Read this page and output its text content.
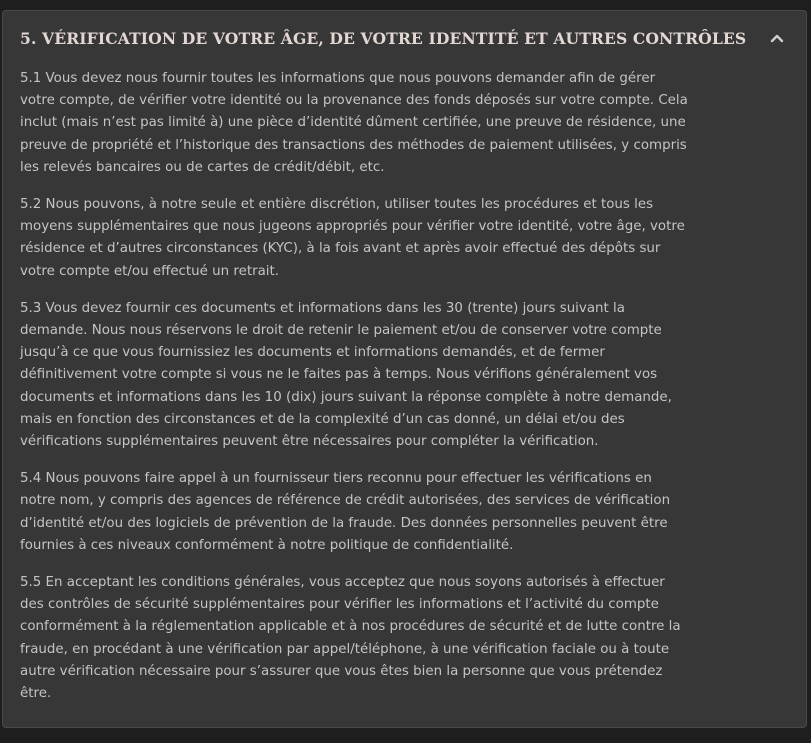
5. VÉRIFICATION DE VOTRE ÂGE, DE VOTRE IDENTITÉ ET AUTRES CONTRÔLES

5.1 Vous devez nous fournir toutes les informations que nous pouvons demander afin de gérer
votre compte, de vérifier votre identité ou la provenance des fonds déposés sur votre compte. Cela
inclut (mais n’est pas limité à) une pièce d’identité dûment certifiée, une preuve de résidence, une
preuve de propriété et l’historique des transactions des méthodes de paiement utilisées, y compris
les relevés bancaires ou de cartes de crédit/débit, etc.

5.2 Nous pouvons, à notre seule et entière discrétion, utiliser toutes les procédures et tous les
moyens supplémentaires que nous jugeons appropriés pour vérifier votre identité, votre âge, votre
résidence et d’autres circonstances (KYC), à la fois avant et après avoir effectué des dépôts sur
votre compte et/ou effectué un retrait.

5.3 Vous devez fournir ces documents et informations dans les 30 (trente) jours suivant la
demande. Nous nous réservons le droit de retenir le paiement et/ou de conserver votre compte
jusqu’à ce que vous fournissiez les documents et informations demandés, et de fermer
définitivement votre compte si vous ne le faites pas à temps. Nous vérifions généralement vos
documents et informations dans les 10 (dix) jours suivant la réponse complète à notre demande,
mais en fonction des circonstances et de la complexité d’un cas donné, un délai et/ou des
vérifications supplémentaires peuvent être nécessaires pour compléter la vérification.

5.4 Nous pouvons faire appel à un fournisseur tiers reconnu pour effectuer les vérifications en
notre nom, y compris des agences de référence de crédit autorisées, des services de vérification
d’identité et/ou des logiciels de prévention de la fraude. Des données personnelles peuvent être
fournies à ces niveaux conformément à notre politique de confidentialité.

5.5 En acceptant les conditions générales, vous acceptez que nous soyons autorisés à effectuer
des contrôles de sécurité supplémentaires pour vérifier les informations et l’activité du compte
conformément à la réglementation applicable et à nos procédures de sécurité et de lutte contre la
fraude, en procédant à une vérification par appel/téléphone, à une vérification faciale ou à toute
autre vérification nécessaire pour s’assurer que vous êtes bien la personne que vous prétendez
être.
